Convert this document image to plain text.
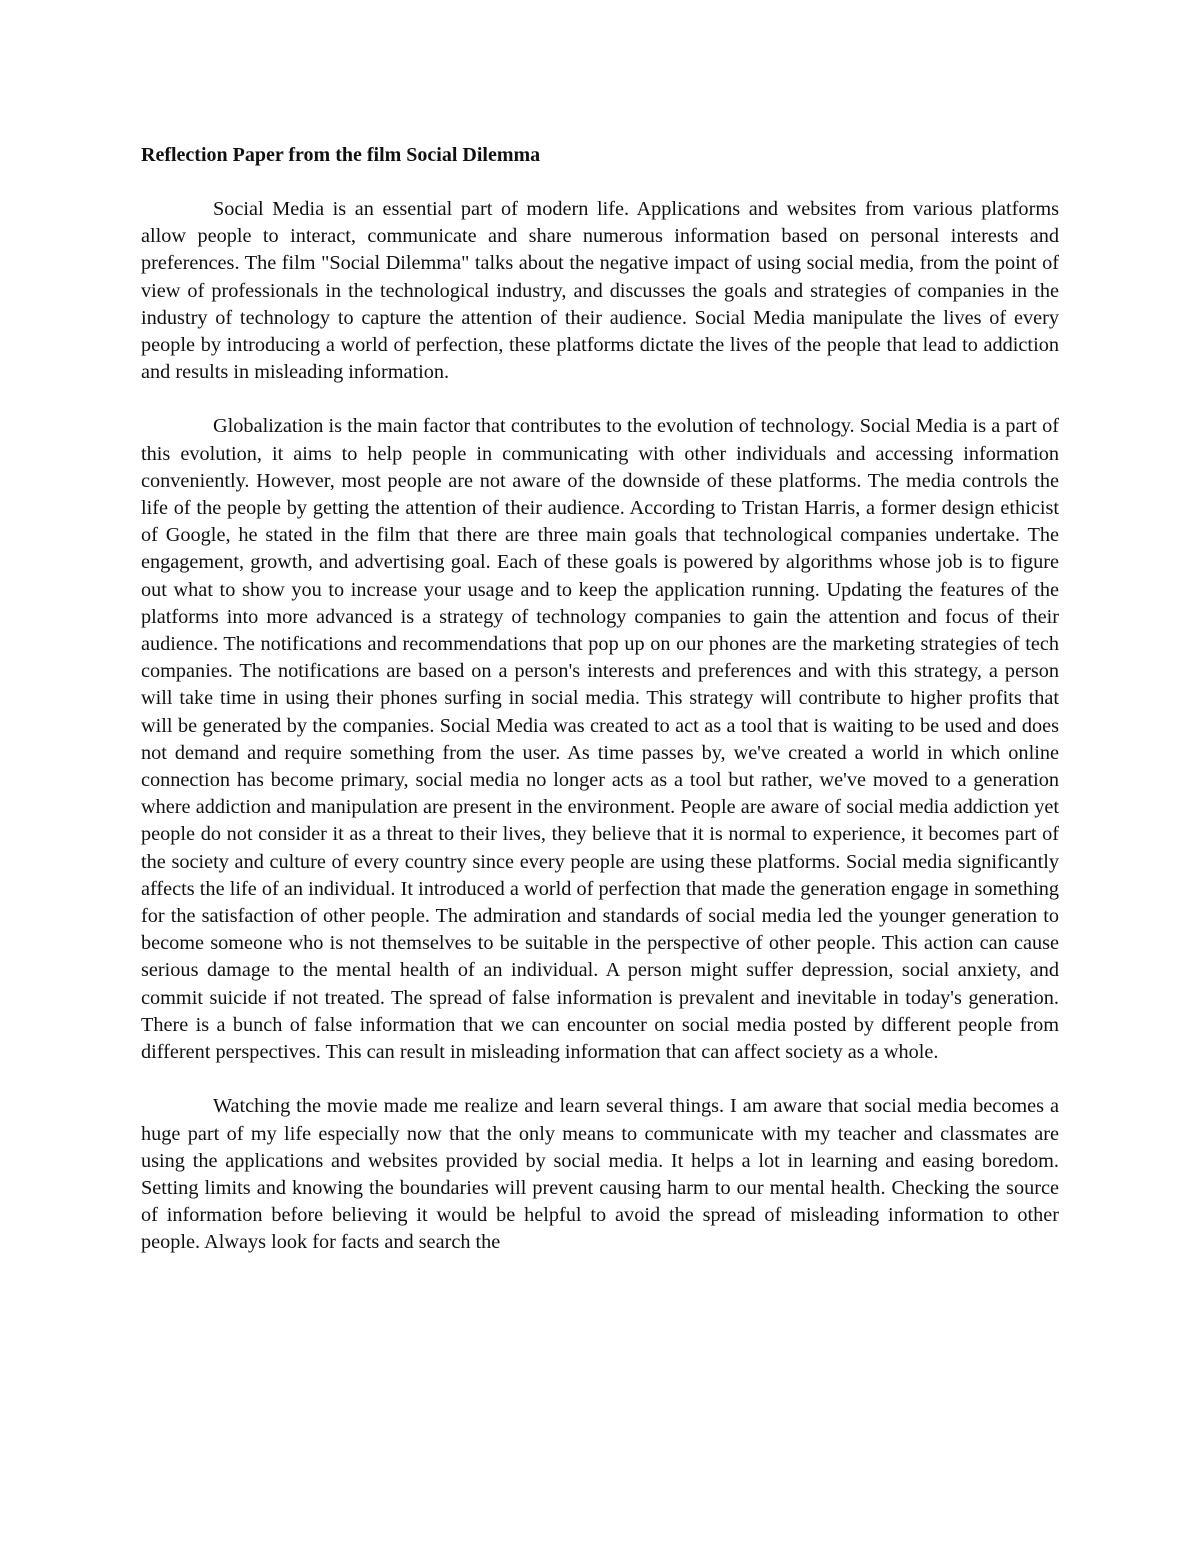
Reflection Paper from the film Social Dilemma

Social Media is an essential part of modern life. Applications and websites from various platforms allow people to interact, communicate and share numerous information based on personal interests and preferences. The film "Social Dilemma" talks about the negative impact of using social media, from the point of view of professionals in the technological industry, and discusses the goals and strategies of companies in the industry of technology to capture the attention of their audience. Social Media manipulate the lives of every people by introducing a world of perfection, these platforms dictate the lives of the people that lead to addiction and results in misleading information.

Globalization is the main factor that contributes to the evolution of technology. Social Media is a part of this evolution, it aims to help people in communicating with other individuals and accessing information conveniently. However, most people are not aware of the downside of these platforms. The media controls the life of the people by getting the attention of their audience. According to Tristan Harris, a former design ethicist of Google, he stated in the film that there are three main goals that technological companies undertake. The engagement, growth, and advertising goal. Each of these goals is powered by algorithms whose job is to figure out what to show you to increase your usage and to keep the application running. Updating the features of the platforms into more advanced is a strategy of technology companies to gain the attention and focus of their audience. The notifications and recommendations that pop up on our phones are the marketing strategies of tech companies. The notifications are based on a person's interests and preferences and with this strategy, a person will take time in using their phones surfing in social media. This strategy will contribute to higher profits that will be generated by the companies. Social Media was created to act as a tool that is waiting to be used and does not demand and require something from the user. As time passes by, we've created a world in which online connection has become primary, social media no longer acts as a tool but rather, we've moved to a generation where addiction and manipulation are present in the environment. People are aware of social media addiction yet people do not consider it as a threat to their lives, they believe that it is normal to experience, it becomes part of the society and culture of every country since every people are using these platforms. Social media significantly affects the life of an individual. It introduced a world of perfection that made the generation engage in something for the satisfaction of other people. The admiration and standards of social media led the younger generation to become someone who is not themselves to be suitable in the perspective of other people. This action can cause serious damage to the mental health of an individual. A person might suffer depression, social anxiety, and commit suicide if not treated. The spread of false information is prevalent and inevitable in today's generation. There is a bunch of false information that we can encounter on social media posted by different people from different perspectives. This can result in misleading information that can affect society as a whole.

Watching the movie made me realize and learn several things. I am aware that social media becomes a huge part of my life especially now that the only means to communicate with my teacher and classmates are using the applications and websites provided by social media. It helps a lot in learning and easing boredom. Setting limits and knowing the boundaries will prevent causing harm to our mental health. Checking the source of information before believing it would be helpful to avoid the spread of misleading information to other people. Always look for facts and search the
